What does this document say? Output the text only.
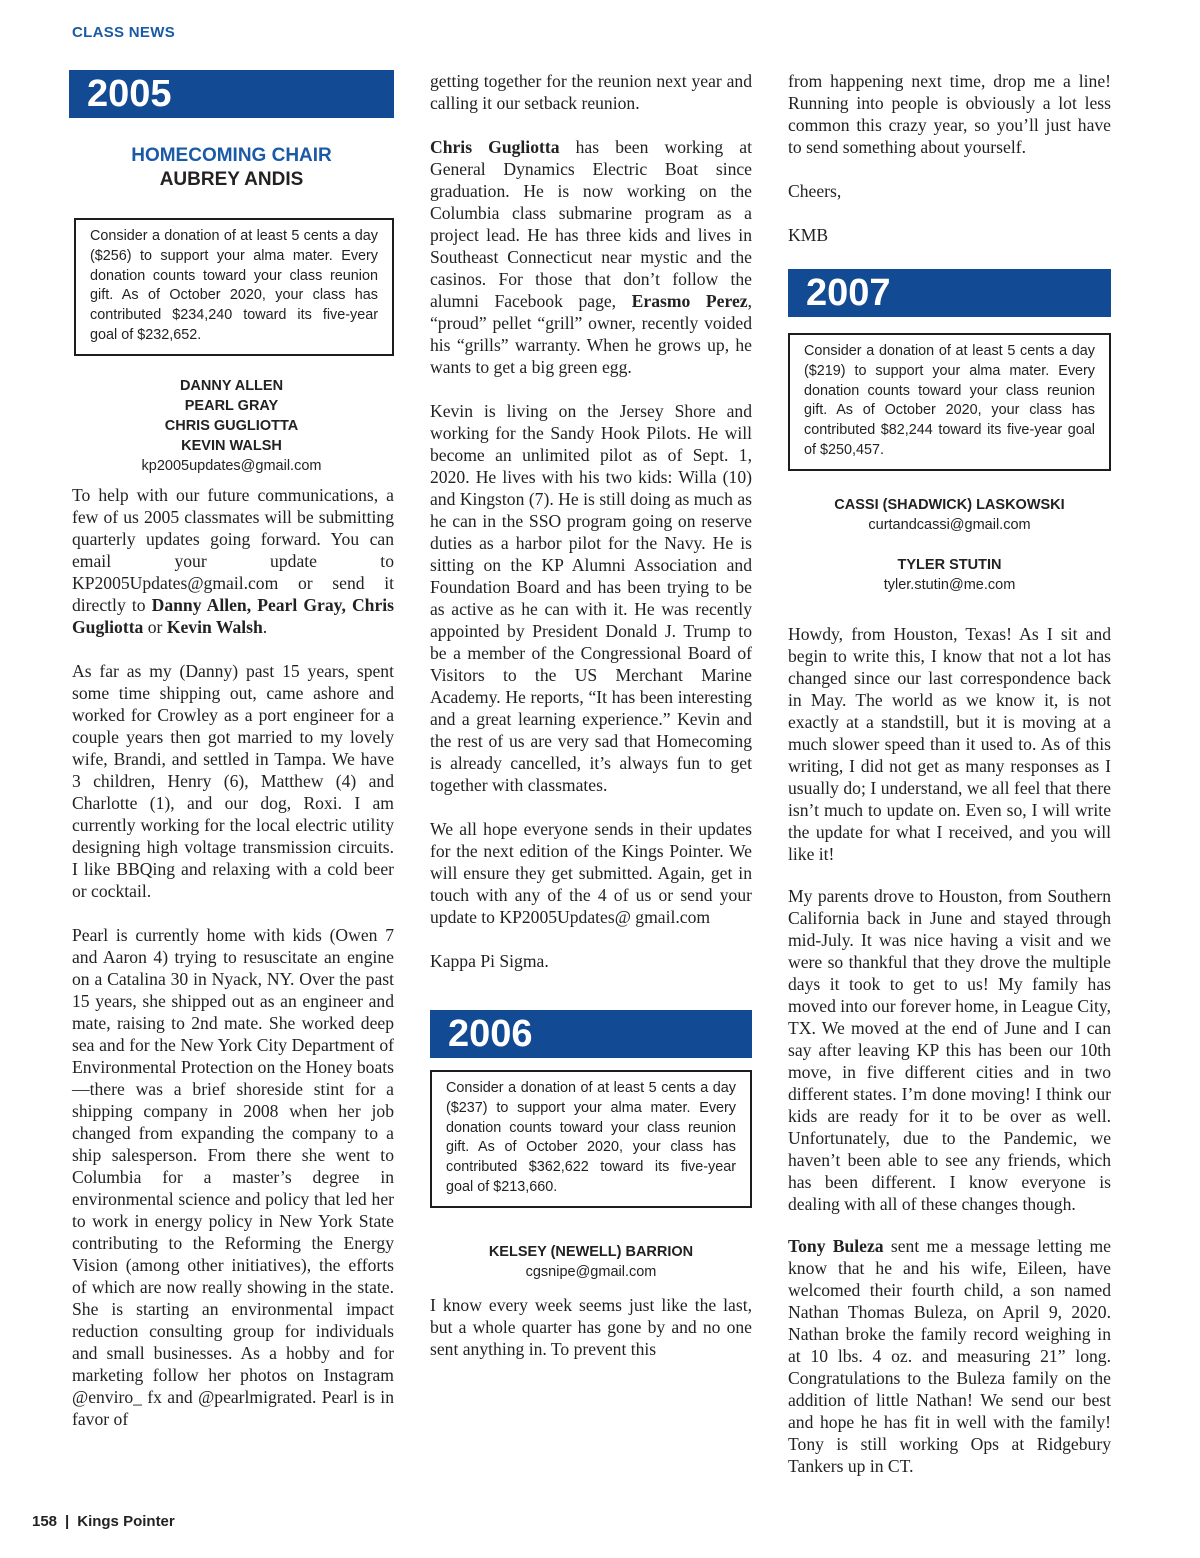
CLASS NEWS
2005
HOMECOMING CHAIR
AUBREY ANDIS
Consider a donation of at least 5 cents a day ($256) to support your alma mater. Every donation counts toward your class reunion gift. As of October 2020, your class has contributed $234,240 toward its five-year goal of $232,652.
DANNY ALLEN
PEARL GRAY
CHRIS GUGLIOTTA
KEVIN WALSH
kp2005updates@gmail.com

To help with our future communications, a few of us 2005 classmates will be submitting quarterly updates going forward. You can email your update to KP2005Updates@gmail.com or send it directly to Danny Allen, Pearl Gray, Chris Gugliotta or Kevin Walsh.

As far as my (Danny) past 15 years, spent some time shipping out, came ashore and worked for Crowley as a port engineer for a couple years then got married to my lovely wife, Brandi, and settled in Tampa. We have 3 children, Henry (6), Matthew (4) and Charlotte (1), and our dog, Roxi. I am currently working for the local electric utility designing high voltage transmission circuits. I like BBQing and relaxing with a cold beer or cocktail.

Pearl is currently home with kids (Owen 7 and Aaron 4) trying to resuscitate an engine on a Catalina 30 in Nyack, NY. Over the past 15 years, she shipped out as an engineer and mate, raising to 2nd mate. She worked deep sea and for the New York City Department of Environmental Protection on the Honey boats—there was a brief shoreside stint for a shipping company in 2008 when her job changed from expanding the company to a ship salesperson. From there she went to Columbia for a master’s degree in environmental science and policy that led her to work in energy policy in New York State contributing to the Reforming the Energy Vision (among other initiatives), the efforts of which are now really showing in the state. She is starting an environmental impact reduction consulting group for individuals and small businesses. As a hobby and for marketing follow her photos on Instagram @enviro_ fx and @pearlmigrated. Pearl is in favor of

getting together for the reunion next year and calling it our setback reunion.

Chris Gugliotta has been working at General Dynamics Electric Boat since graduation. He is now working on the Columbia class submarine program as a project lead. He has three kids and lives in Southeast Connecticut near mystic and the casinos. For those that don’t follow the alumni Facebook page, Erasmo Perez, “proud” pellet “grill” owner, recently voided his “grills” warranty. When he grows up, he wants to get a big green egg.

Kevin is living on the Jersey Shore and working for the Sandy Hook Pilots. He will become an unlimited pilot as of Sept. 1, 2020. He lives with his two kids: Willa (10) and Kingston (7). He is still doing as much as he can in the SSO program going on reserve duties as a harbor pilot for the Navy. He is sitting on the KP Alumni Association and Foundation Board and has been trying to be as active as he can with it. He was recently appointed by President Donald J. Trump to be a member of the Congressional Board of Visitors to the US Merchant Marine Academy. He reports, “It has been interesting and a great learning experience.” Kevin and the rest of us are very sad that Homecoming is already cancelled, it’s always fun to get together with classmates.

We all hope everyone sends in their updates for the next edition of the Kings Pointer. We will ensure they get submitted. Again, get in touch with any of the 4 of us or send your update to KP2005Updates@ gmail.com

Kappa Pi Sigma.

2006
Consider a donation of at least 5 cents a day ($237) to support your alma mater. Every donation counts toward your class reunion gift. As of October 2020, your class has contributed $362,622 toward its five-year goal of $213,660.
KELSEY (NEWELL) BARRION
cgsnipe@gmail.com

I know every week seems just like the last, but a whole quarter has gone by and no one sent anything in. To prevent this

from happening next time, drop me a line! Running into people is obviously a lot less common this crazy year, so you’ll just have to send something about yourself.

Cheers,

KMB

2007
Consider a donation of at least 5 cents a day ($219) to support your alma mater. Every donation counts toward your class reunion gift. As of October 2020, your class has contributed $82,244 toward its five-year goal of $250,457.
CASSI (SHADWICK) LASKOWSKI
curtandcassi@gmail.com
TYLER STUTIN
tyler.stutin@me.com

Howdy, from Houston, Texas! As I sit and begin to write this, I know that not a lot has changed since our last correspondence back in May. The world as we know it, is not exactly at a standstill, but it is moving at a much slower speed than it used to. As of this writing, I did not get as many responses as I usually do; I understand, we all feel that there isn’t much to update on. Even so, I will write the update for what I received, and you will like it!

My parents drove to Houston, from Southern California back in June and stayed through mid-July. It was nice having a visit and we were so thankful that they drove the multiple days it took to get to us! My family has moved into our forever home, in League City, TX. We moved at the end of June and I can say after leaving KP this has been our 10th move, in five different cities and in two different states. I’m done moving! I think our kids are ready for it to be over as well. Unfortunately, due to the Pandemic, we haven’t been able to see any friends, which has been different. I know everyone is dealing with all of these changes though.

Tony Buleza sent me a message letting me know that he and his wife, Eileen, have welcomed their fourth child, a son named Nathan Thomas Buleza, on April 9, 2020. Nathan broke the family record weighing in at 10 lbs. 4 oz. and measuring 21” long. Congratulations to the Buleza family on the addition of little Nathan! We send our best and hope he has fit in well with the family! Tony is still working Ops at Ridgebury Tankers up in CT.

158 | Kings Pointer
